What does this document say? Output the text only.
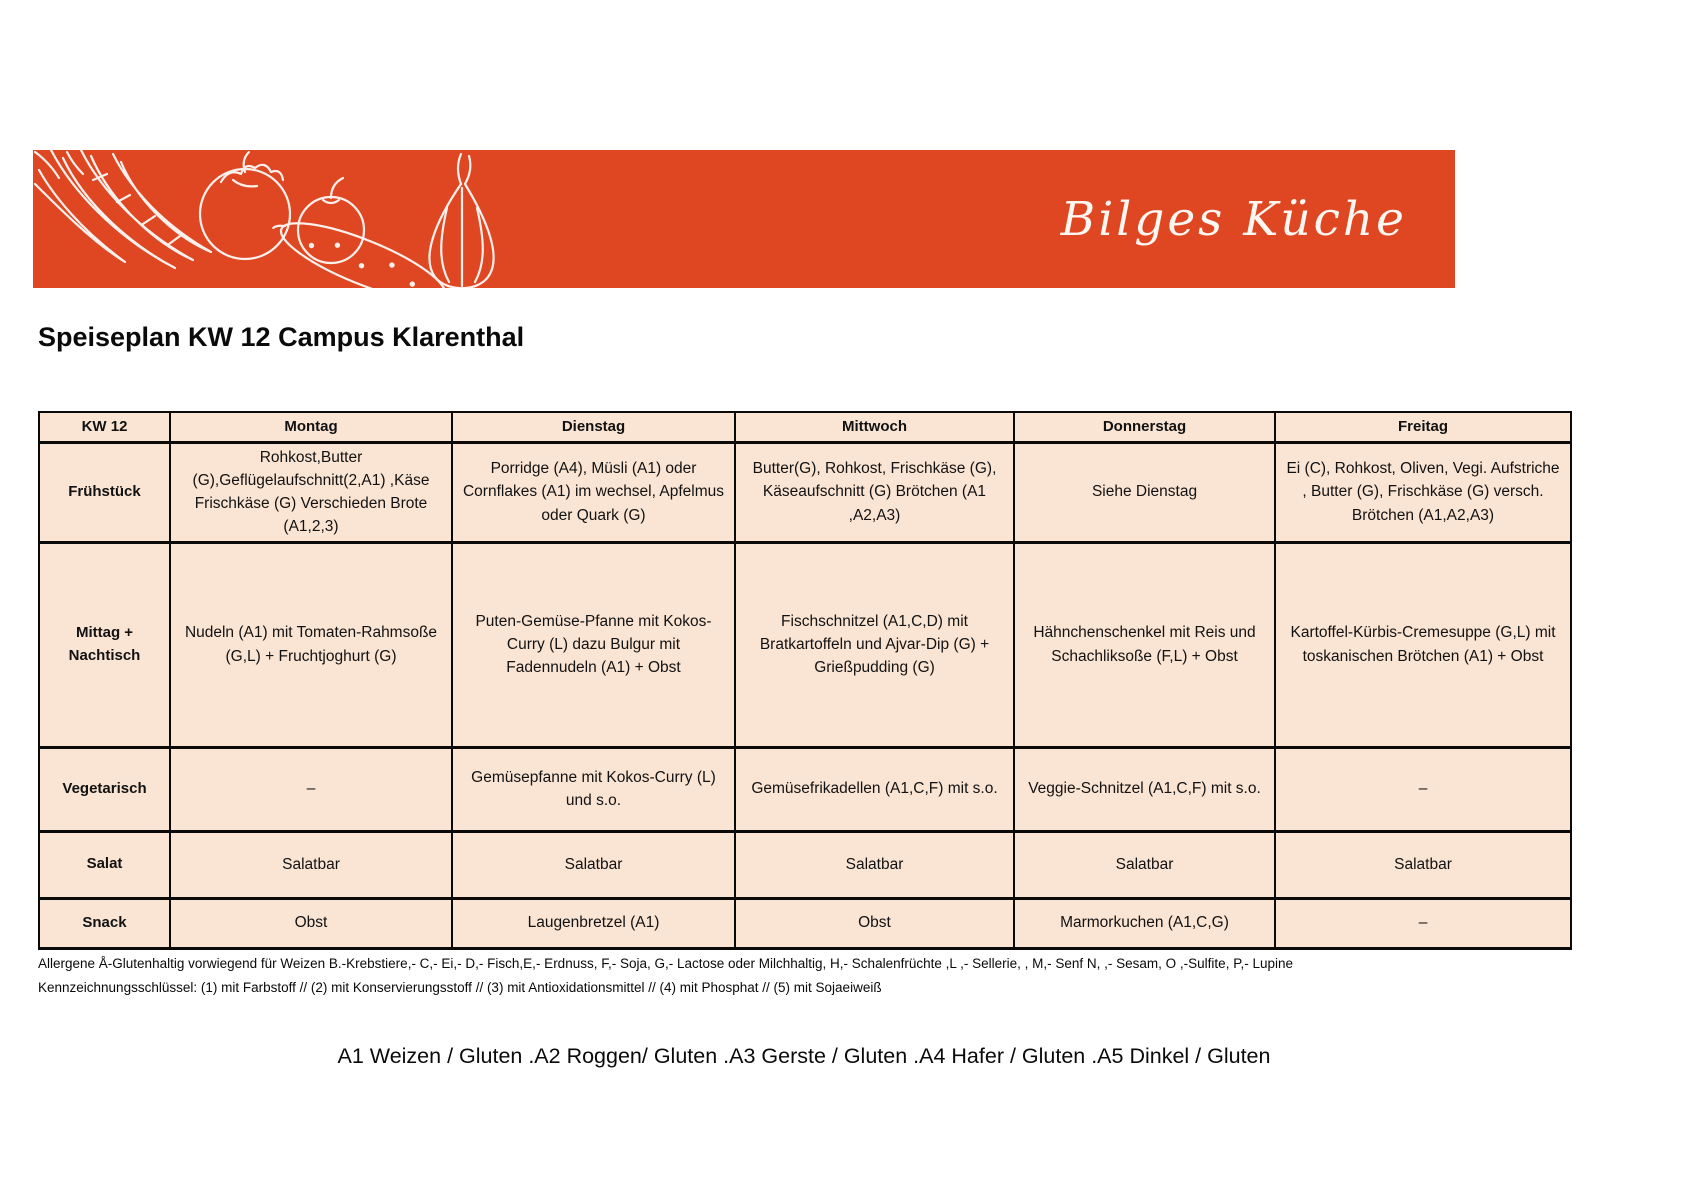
Bilges Küche
Speiseplan KW 12 Campus Klarenthal
KW 12	Montag	Dienstag	Mittwoch	Donnerstag	Freitag
Frühstück	Rohkost,Butter (G),Geflügelaufschnitt(2,A1) ,Käse Frischkäse (G) Verschieden Brote (A1,2,3)	Porridge (A4), Müsli (A1) oder Cornflakes (A1) im wechsel, Apfelmus oder Quark (G)	Butter(G), Rohkost, Frischkäse (G), Käseaufschnitt (G) Brötchen (A1 ,A2,A3)	Siehe Dienstag	Ei (C), Rohkost, Oliven, Vegi. Aufstriche , Butter (G), Frischkäse (G) versch. Brötchen (A1,A2,A3)
Mittag + Nachtisch	Nudeln (A1) mit Tomaten-Rahmsoße (G,L) + Fruchtjoghurt (G)	Puten-Gemüse-Pfanne mit Kokos-Curry (L) dazu Bulgur mit Fadennudeln (A1) + Obst	Fischschnitzel (A1,C,D) mit Bratkartoffeln und Ajvar-Dip (G) + Grießpudding (G)	Hähnchenschenkel mit Reis und Schachliksoße (F,L) + Obst	Kartoffel-Kürbis-Cremesuppe (G,L) mit toskanischen Brötchen (A1) + Obst
Vegetarisch	–	Gemüsepfanne mit Kokos-Curry (L) und s.o.	Gemüsefrikadellen (A1,C,F) mit s.o.	Veggie-Schnitzel (A1,C,F) mit s.o.	–
Salat	Salatbar	Salatbar	Salatbar	Salatbar	Salatbar
Snack	Obst	Laugenbretzel (A1)	Obst	Marmorkuchen (A1,C,G)	–

Allergene Å-Glutenhaltig vorwiegend für Weizen B.-Krebstiere,- C,- Ei,- D,- Fisch,E,- Erdnuss, F,- Soja, G,- Lactose oder Milchhaltig, H,- Schalenfrüchte ,L ,- Sellerie, , M,- Senf N, ,- Sesam, O ,-Sulfite, P,- Lupine

Kennzeichnungsschlüssel: (1) mit Farbstoff // (2) mit Konservierungsstoff // (3) mit Antioxidationsmittel // (4) mit Phosphat // (5) mit Sojaeiweiß

A1 Weizen / Gluten .A2 Roggen/ Gluten .A3 Gerste / Gluten .A4 Hafer / Gluten .A5 Dinkel / Gluten
